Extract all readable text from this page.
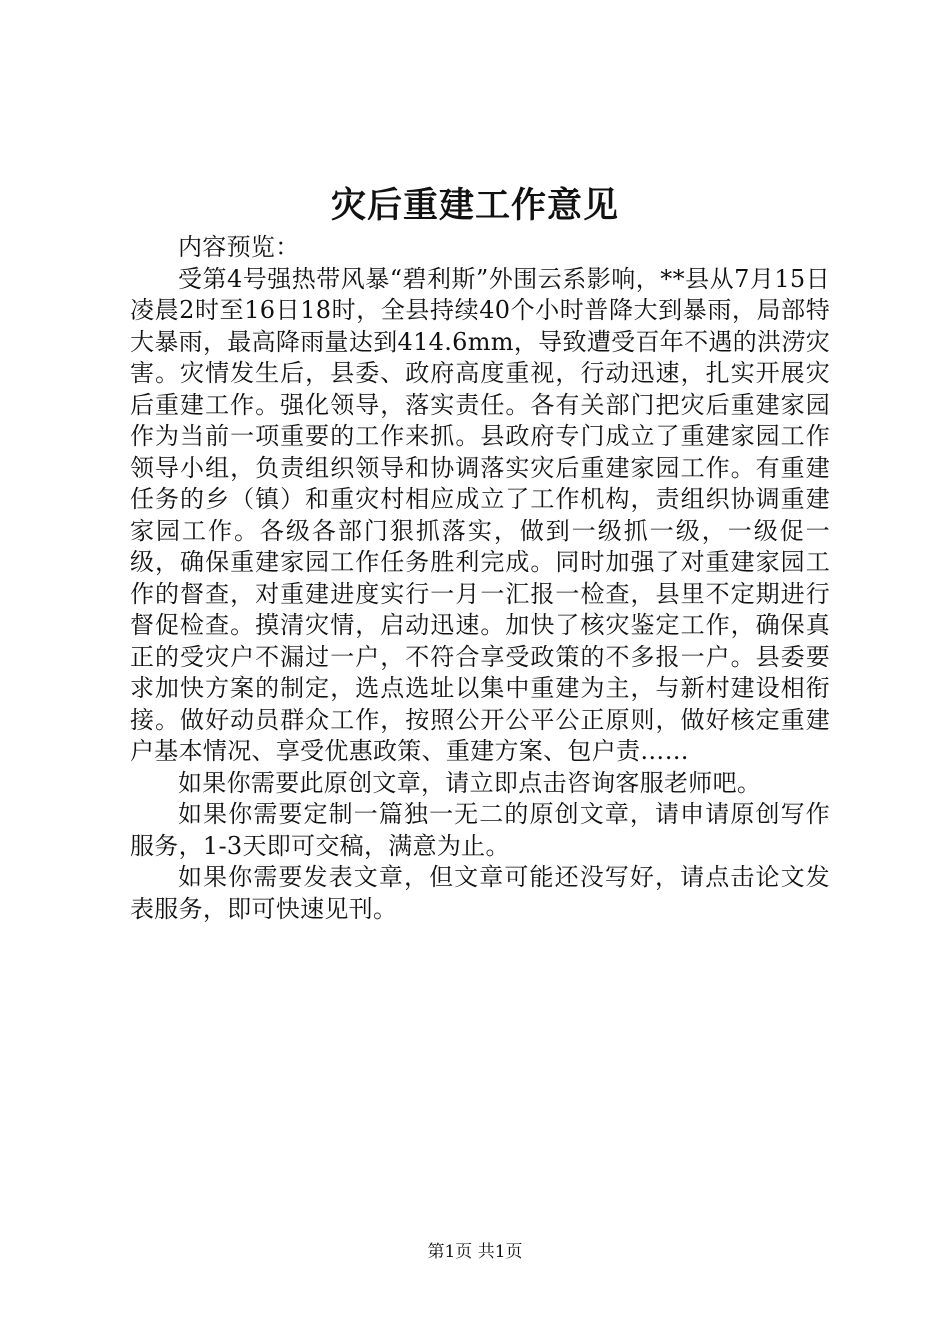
灾后重建工作意见

内容预览：

受第4号强热带风暴“碧利斯”外围云系影响，**县从7月15日凌晨2时至16日18时，全县持续40个小时普降大到暴雨，局部特大暴雨，最高降雨量达到414.6mm，导致遭受百年不遇的洪涝灾害。灾情发生后，县委、政府高度重视，行动迅速，扎实开展灾后重建工作。强化领导，落实责任。各有关部门把灾后重建家园作为当前一项重要的工作来抓。县政府专门成立了重建家园工作领导小组，负责组织领导和协调落实灾后重建家园工作。有重建任务的乡（镇）和重灾村相应成立了工作机构，责组织协调重建家园工作。各级各部门狠抓落实，做到一级抓一级，一级促一级，确保重建家园工作任务胜利完成。同时加强了对重建家园工作的督查，对重建进度实行一月一汇报一检查，县里不定期进行督促检查。摸清灾情，启动迅速。加快了核灾鉴定工作，确保真正的受灾户不漏过一户，不符合享受政策的不多报一户。县委要求加快方案的制定，选点选址以集中重建为主，与新村建设相衔接。做好动员群众工作，按照公开公平公正原则，做好核定重建户基本情况、享受优惠政策、重建方案、包户责……

如果你需要此原创文章，请立即点击咨询客服老师吧。

如果你需要定制一篇独一无二的原创文章，请申请原创写作服务，1-3天即可交稿，满意为止。

如果你需要发表文章，但文章可能还没写好，请点击论文发表服务，即可快速见刊。

第1页 共1页
